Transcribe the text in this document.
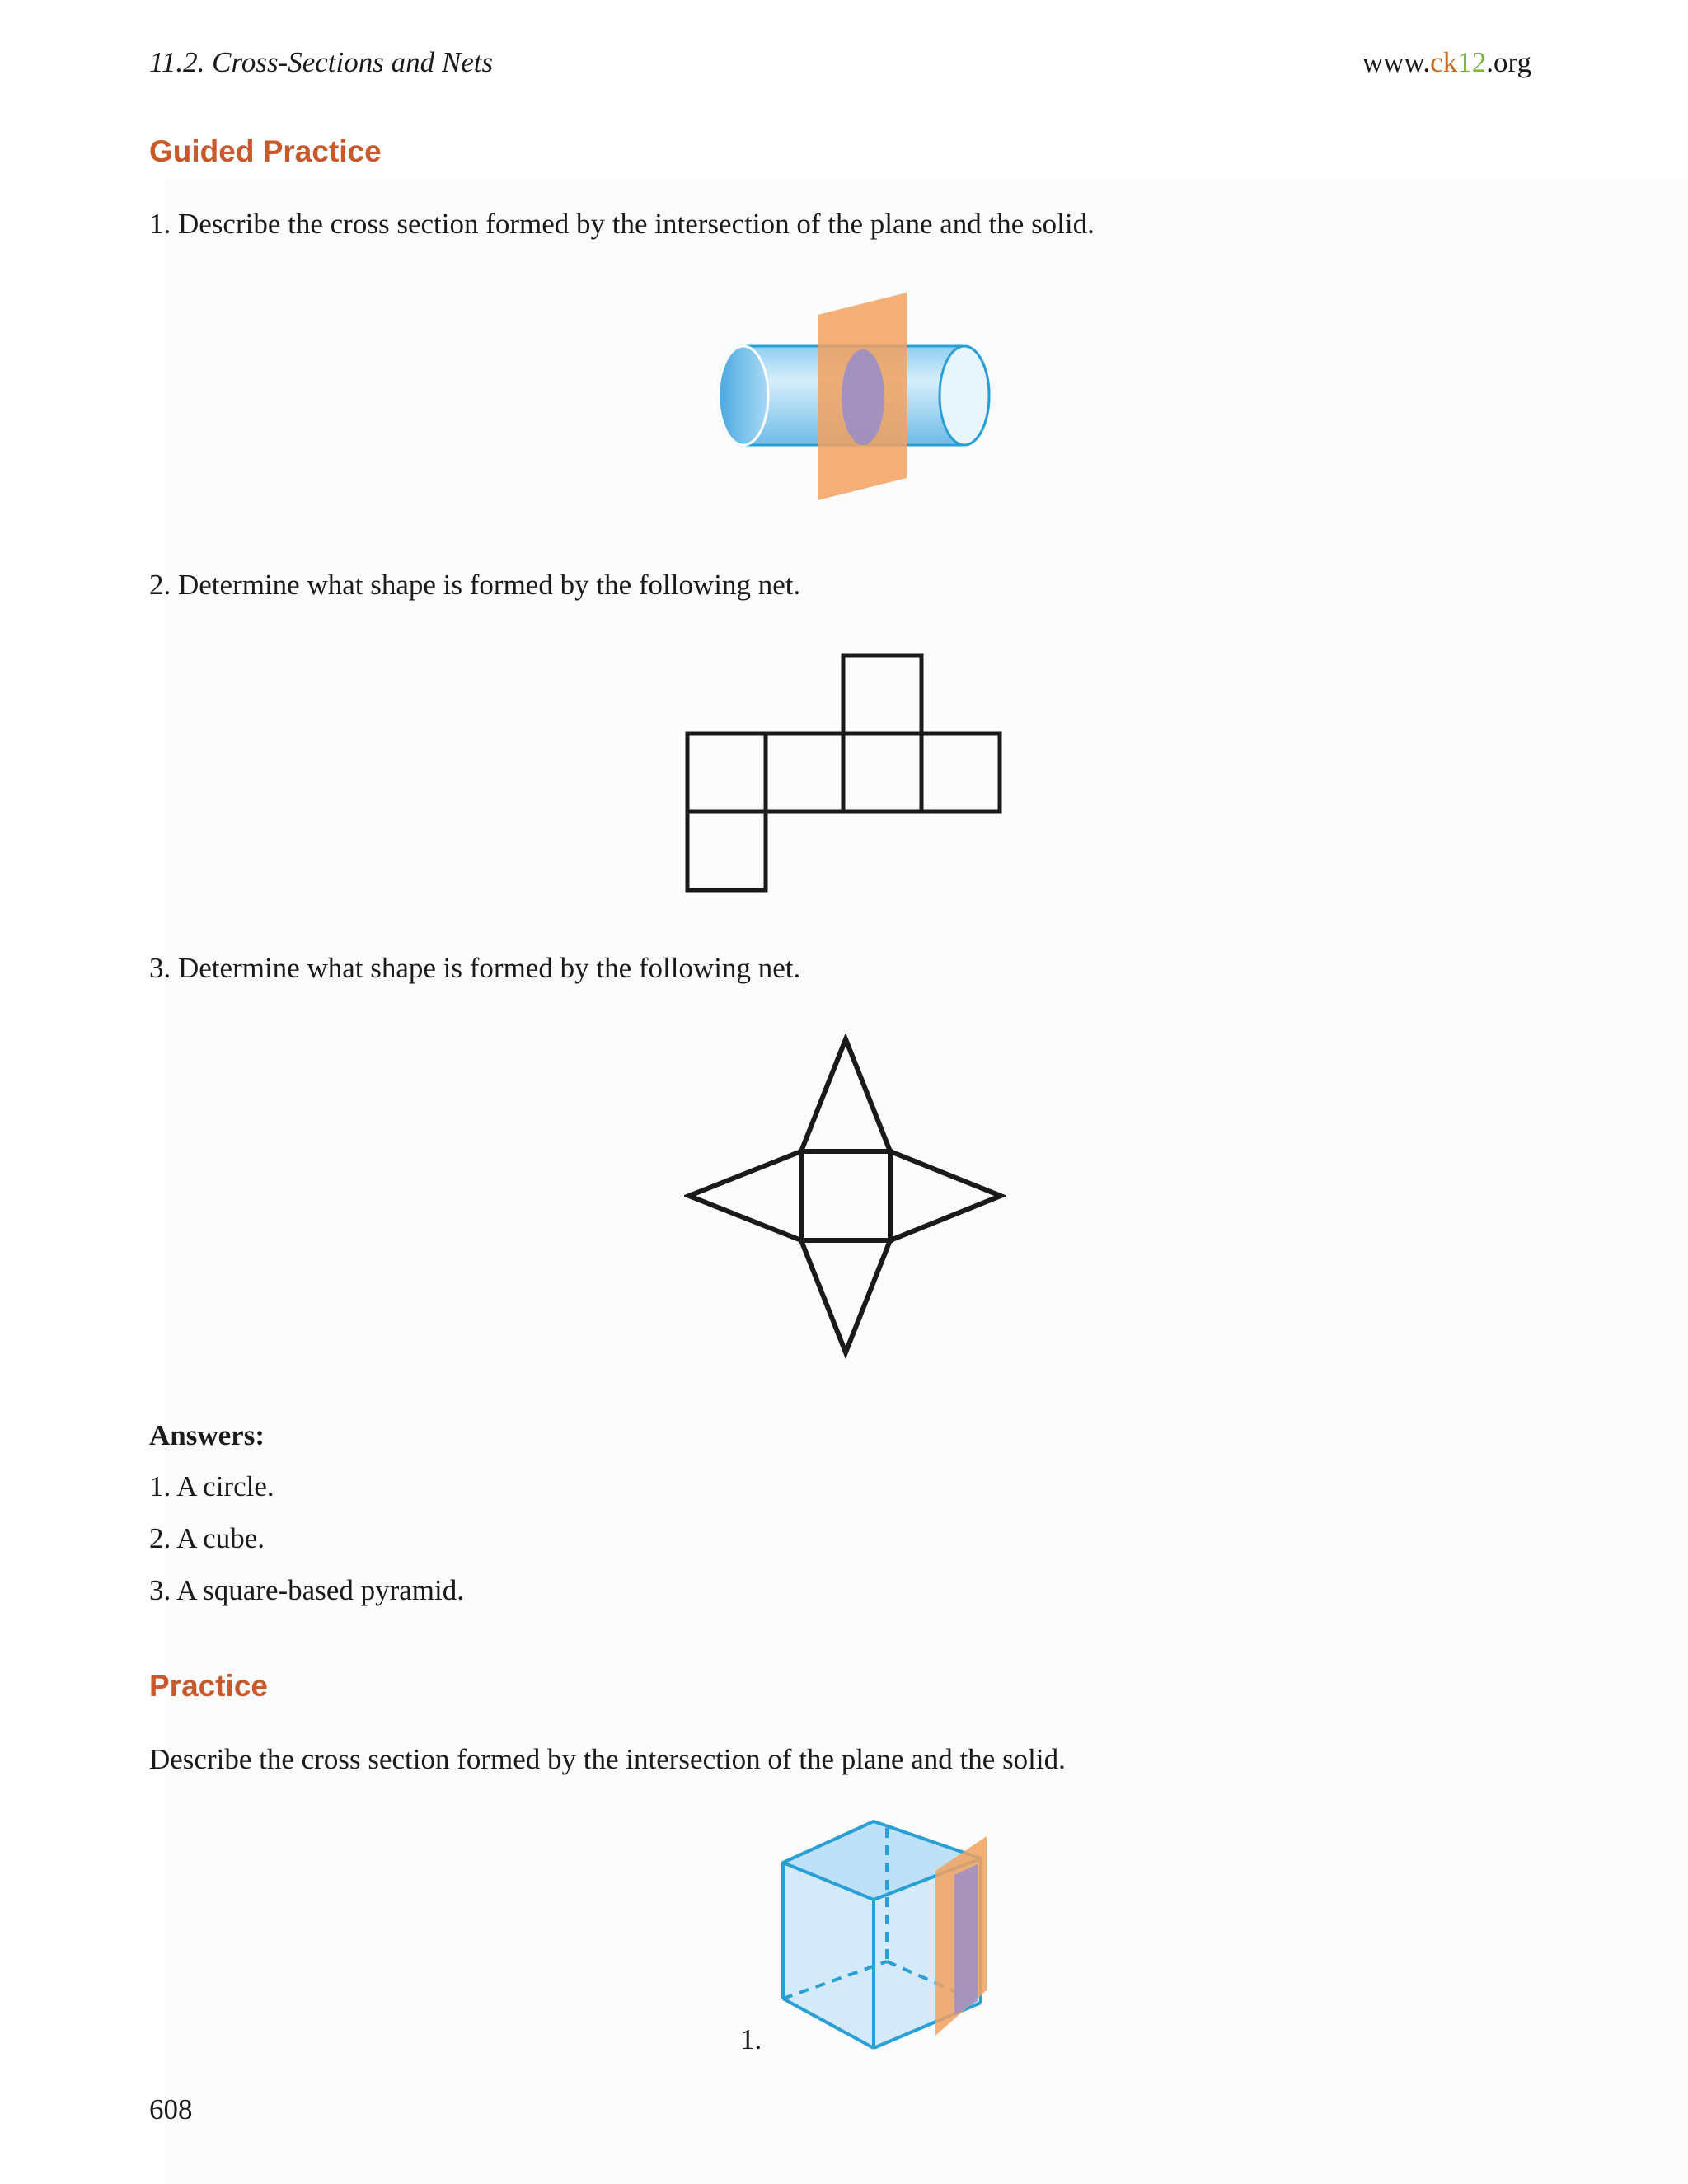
11.2. Cross-Sections and Nets	www.ck12.org
Guided Practice
1. Describe the cross section formed by the intersection of the plane and the solid.
2. Determine what shape is formed by the following net.
3. Determine what shape is formed by the following net.
Answers:
1. A circle.
2. A cube.
3. A square-based pyramid.
Practice
Describe the cross section formed by the intersection of the plane and the solid.
1.
608
